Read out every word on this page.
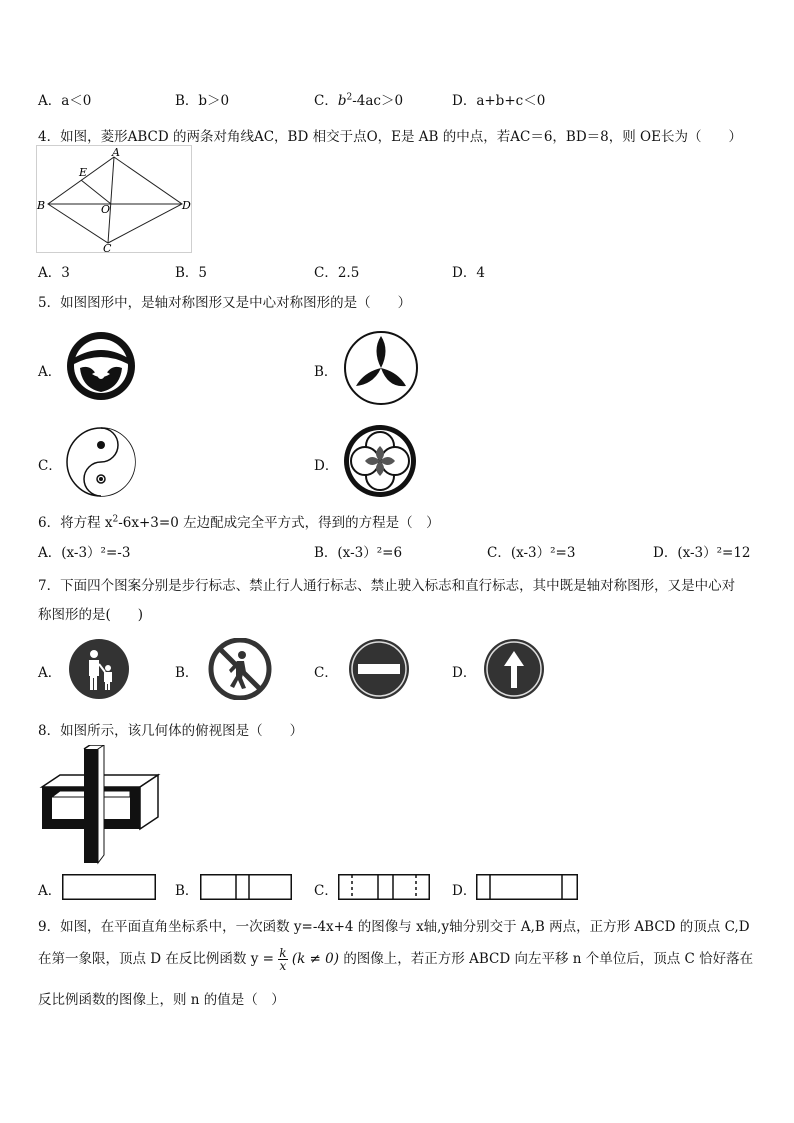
A．a＜0	B．b＞0	C．$b^2-4ac>0$	D．a+b+c＜0
4．如图，菱形ABCD 的两条对角线AC，BD 相交于点O，E是 AB 的中点，若AC＝6，BD＝8，则 OE长为（　　）
A
B
C
D
E
O
A．3	B．5	C．2.5	D．4
5．如图图形中，是轴对称图形又是中心对称图形的是（　　）
A．	B．
C．	D．
6．将方程 $x^2-6x+3=0$ 左边配成完全平方式，得到的方程是（　）
A．(x-3）²=-3	B．(x-3）²=6	C．(x-3）²=3	D．(x-3）²=12
7．下面四个图案分别是步行标志、禁止行人通行标志、禁止驶入标志和直行标志，其中既是轴对称图形，又是中心对
称图形的是(　　)
A．	B．	C．	D．
8．如图所示，该几何体的俯视图是（　　）
A．	B．	C．	D．
9．如图，在平面直角坐标系中，一次函数 y=-4x+4 的图像与 x轴,y轴分别交于 A,B 两点，正方形 ABCD 的顶点 C,D
在第一象限，顶点 D 在反比例函数 $y = \frac{k}{x} (k \ne 0)$ 的图像上，若正方形 ABCD 向左平移 n 个单位后，顶点 C 恰好落在
反比例函数的图像上，则 n 的值是（　）
